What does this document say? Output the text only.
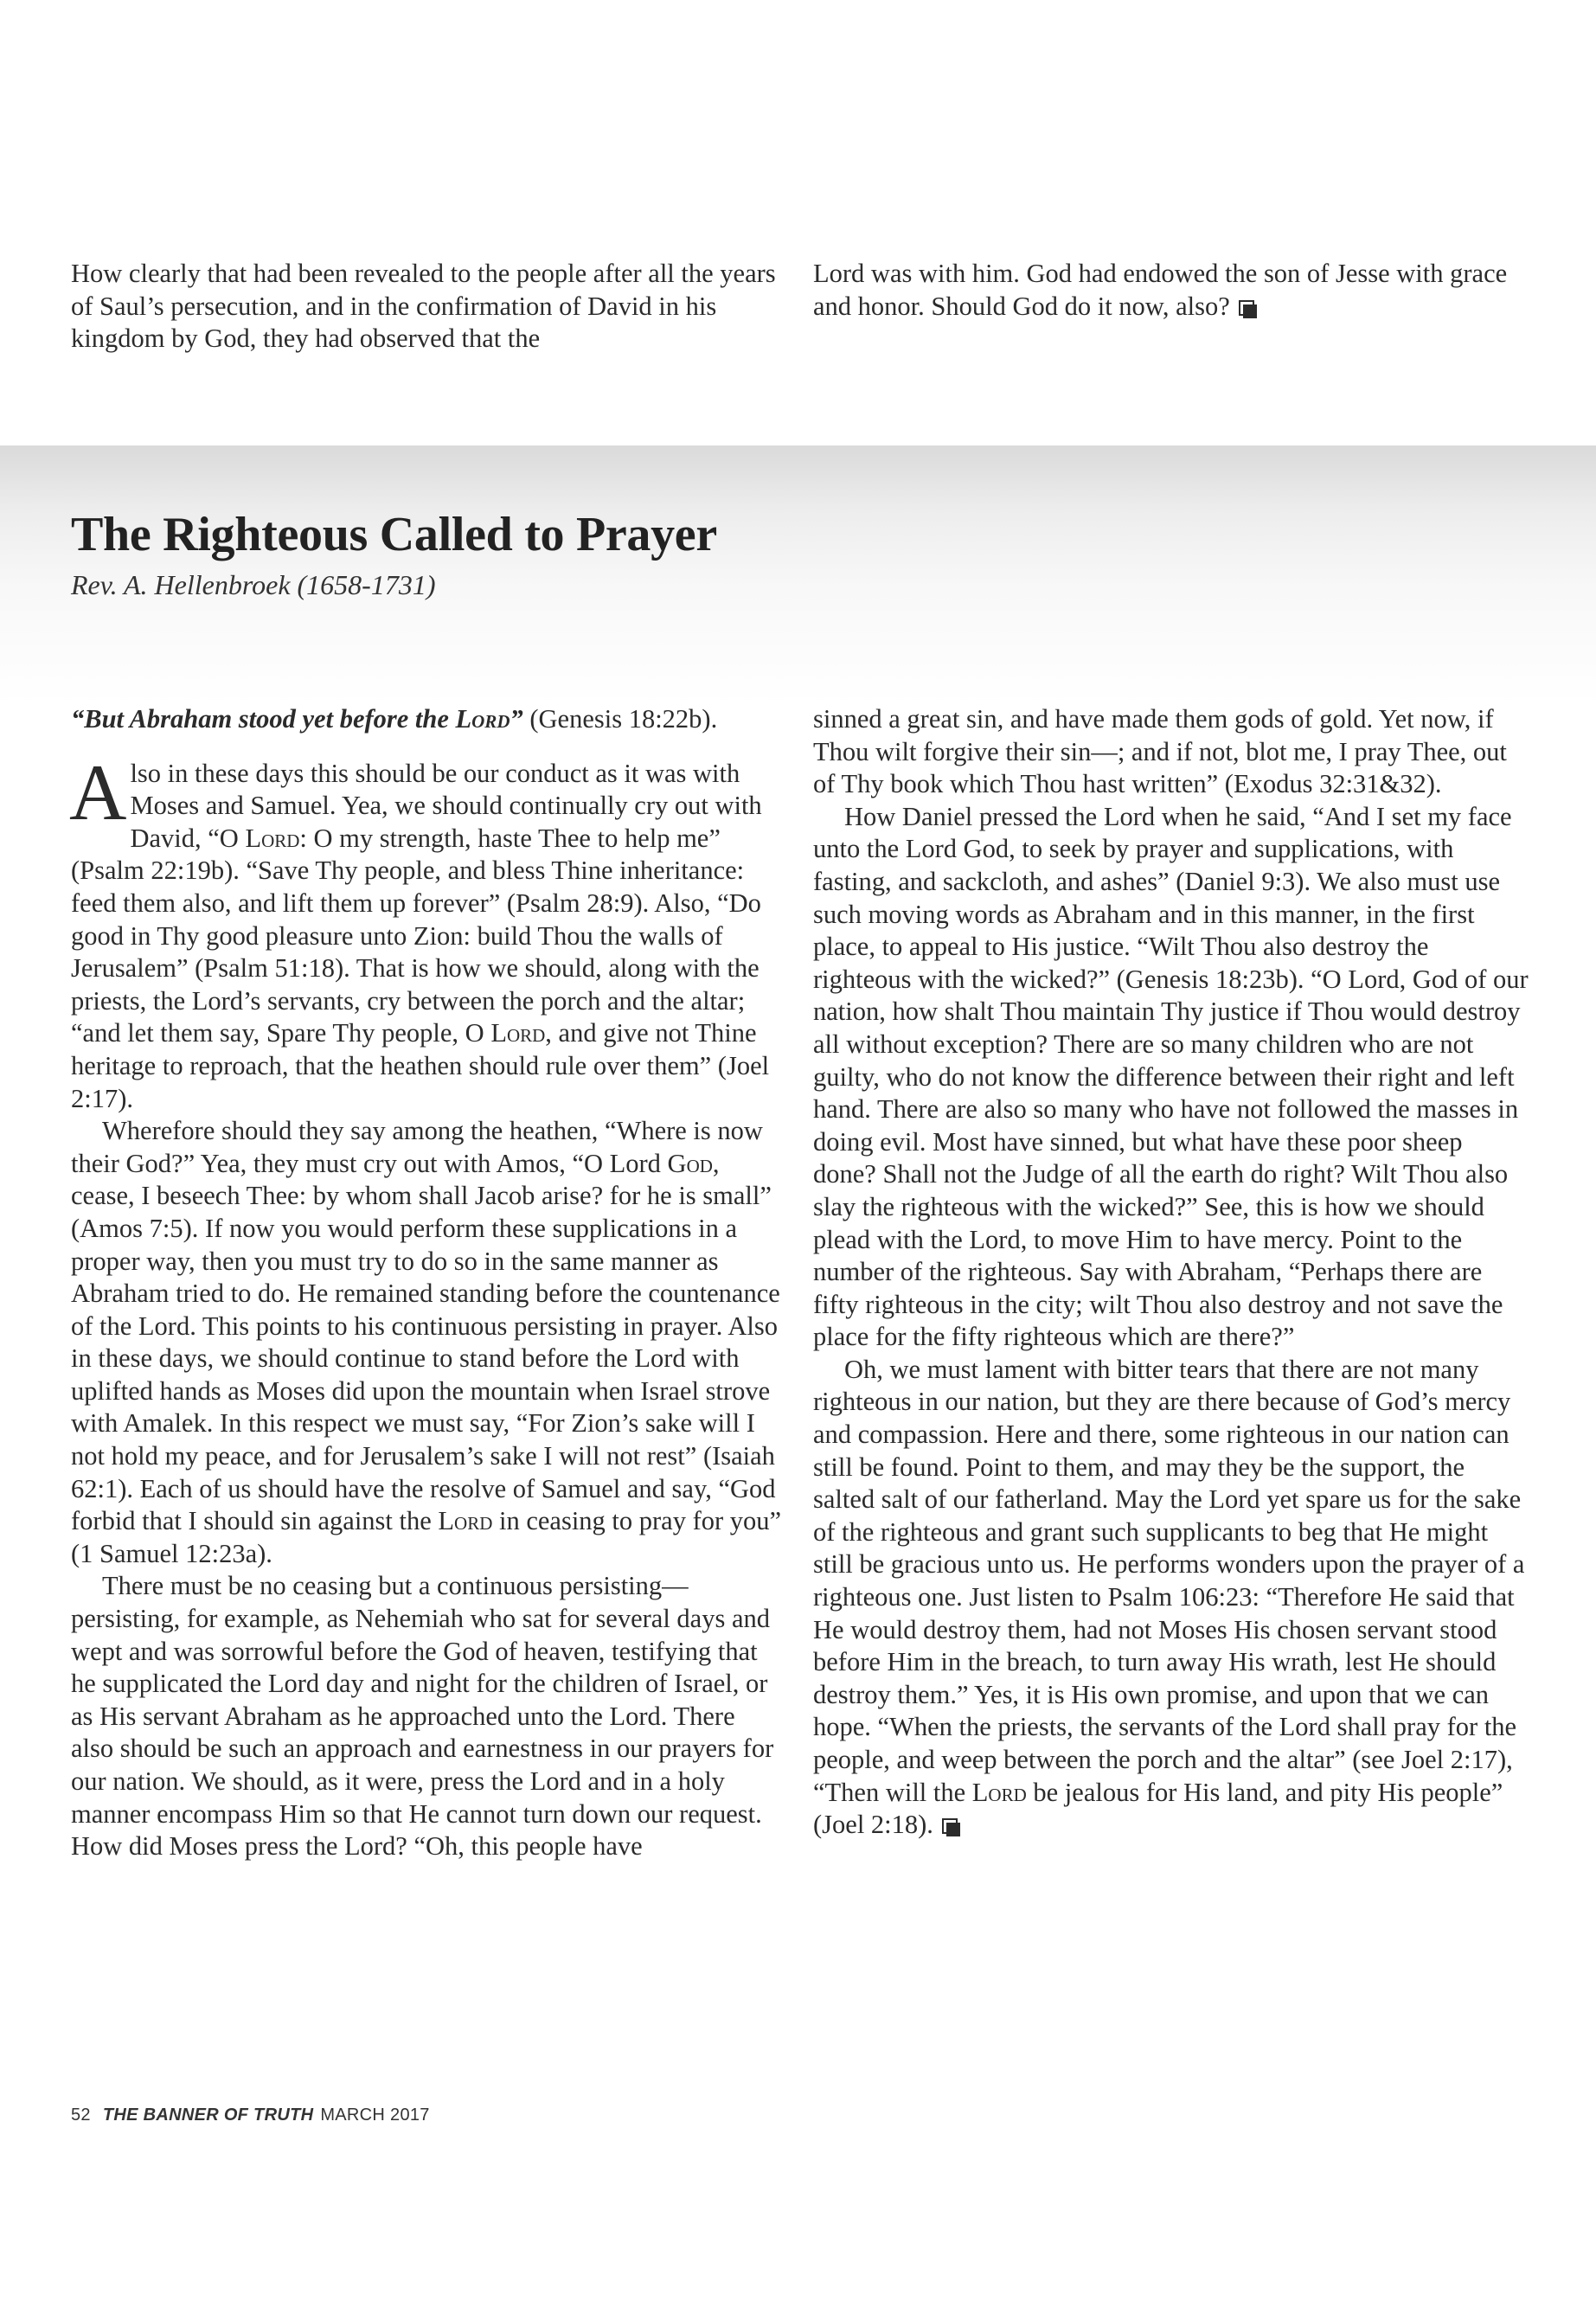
How clearly that had been revealed to the people after all the years of Saul’s persecution, and in the confirmation of David in his kingdom by God, they had observed that the

Lord was with him. God had endowed the son of Jesse with grace and honor. Should God do it now, also?

The Righteous Called to Prayer
Rev. A. Hellenbroek (1658-1731)

“But Abraham stood yet before the Lord” (Genesis 18:22b).

Also in these days this should be our conduct as it was with Moses and Samuel. Yea, we should continually cry out with David, “O Lord: O my strength, haste Thee to help me” (Psalm 22:19b). “Save Thy people, and bless Thine inheritance: feed them also, and lift them up forever” (Psalm 28:9). Also, “Do good in Thy good pleasure unto Zion: build Thou the walls of Jerusalem” (Psalm 51:18). That is how we should, along with the priests, the Lord’s servants, cry between the porch and the altar; “and let them say, Spare Thy people, O Lord, and give not Thine heritage to reproach, that the heathen should rule over them” (Joel 2:17).

Wherefore should they say among the heathen, “Where is now their God?” Yea, they must cry out with Amos, “O Lord God, cease, I beseech Thee: by whom shall Jacob arise? for he is small” (Amos 7:5). If now you would perform these supplications in a proper way, then you must try to do so in the same manner as Abraham tried to do. He remained standing before the countenance of the Lord. This points to his continuous persisting in prayer. Also in these days, we should continue to stand before the Lord with uplifted hands as Moses did upon the mountain when Israel strove with Amalek. In this respect we must say, “For Zion’s sake will I not hold my peace, and for Jerusalem’s sake I will not rest” (Isaiah 62:1). Each of us should have the resolve of Samuel and say, “God forbid that I should sin against the Lord in ceasing to pray for you” (1 Samuel 12:23a).

There must be no ceasing but a continuous persisting—persisting, for example, as Nehemiah who sat for several days and wept and was sorrowful before the God of heaven, testifying that he supplicated the Lord day and night for the children of Israel, or as His servant Abraham as he approached unto the Lord. There also should be such an approach and earnestness in our prayers for our nation. We should, as it were, press the Lord and in a holy manner encompass Him so that He cannot turn down our request. How did Moses press the Lord? “Oh, this people have

sinned a great sin, and have made them gods of gold. Yet now, if Thou wilt forgive their sin—; and if not, blot me, I pray Thee, out of Thy book which Thou hast written” (Exodus 32:31&32).

How Daniel pressed the Lord when he said, “And I set my face unto the Lord God, to seek by prayer and supplications, with fasting, and sackcloth, and ashes” (Daniel 9:3). We also must use such moving words as Abraham and in this manner, in the first place, to appeal to His justice. “Wilt Thou also destroy the righteous with the wicked?” (Genesis 18:23b). “O Lord, God of our nation, how shalt Thou maintain Thy justice if Thou would destroy all without exception? There are so many children who are not guilty, who do not know the difference between their right and left hand. There are also so many who have not followed the masses in doing evil. Most have sinned, but what have these poor sheep done? Shall not the Judge of all the earth do right? Wilt Thou also slay the righteous with the wicked?” See, this is how we should plead with the Lord, to move Him to have mercy. Point to the number of the righteous. Say with Abraham, “Perhaps there are fifty righteous in the city; wilt Thou also destroy and not save the place for the fifty righteous which are there?”

Oh, we must lament with bitter tears that there are not many righteous in our nation, but they are there because of God’s mercy and compassion. Here and there, some righteous in our nation can still be found. Point to them, and may they be the support, the salted salt of our fatherland. May the Lord yet spare us for the sake of the righteous and grant such supplicants to beg that He might still be gracious unto us. He performs wonders upon the prayer of a righteous one. Just listen to Psalm 106:23: “Therefore He said that He would destroy them, had not Moses His chosen servant stood before Him in the breach, to turn away His wrath, lest He should destroy them.” Yes, it is His own promise, and upon that we can hope. “When the priests, the servants of the Lord shall pray for the people, and weep between the porch and the altar” (see Joel 2:17), “Then will the Lord be jealous for His land, and pity His people” (Joel 2:18).

52 THE BANNER OF TRUTH MARCH 2017
